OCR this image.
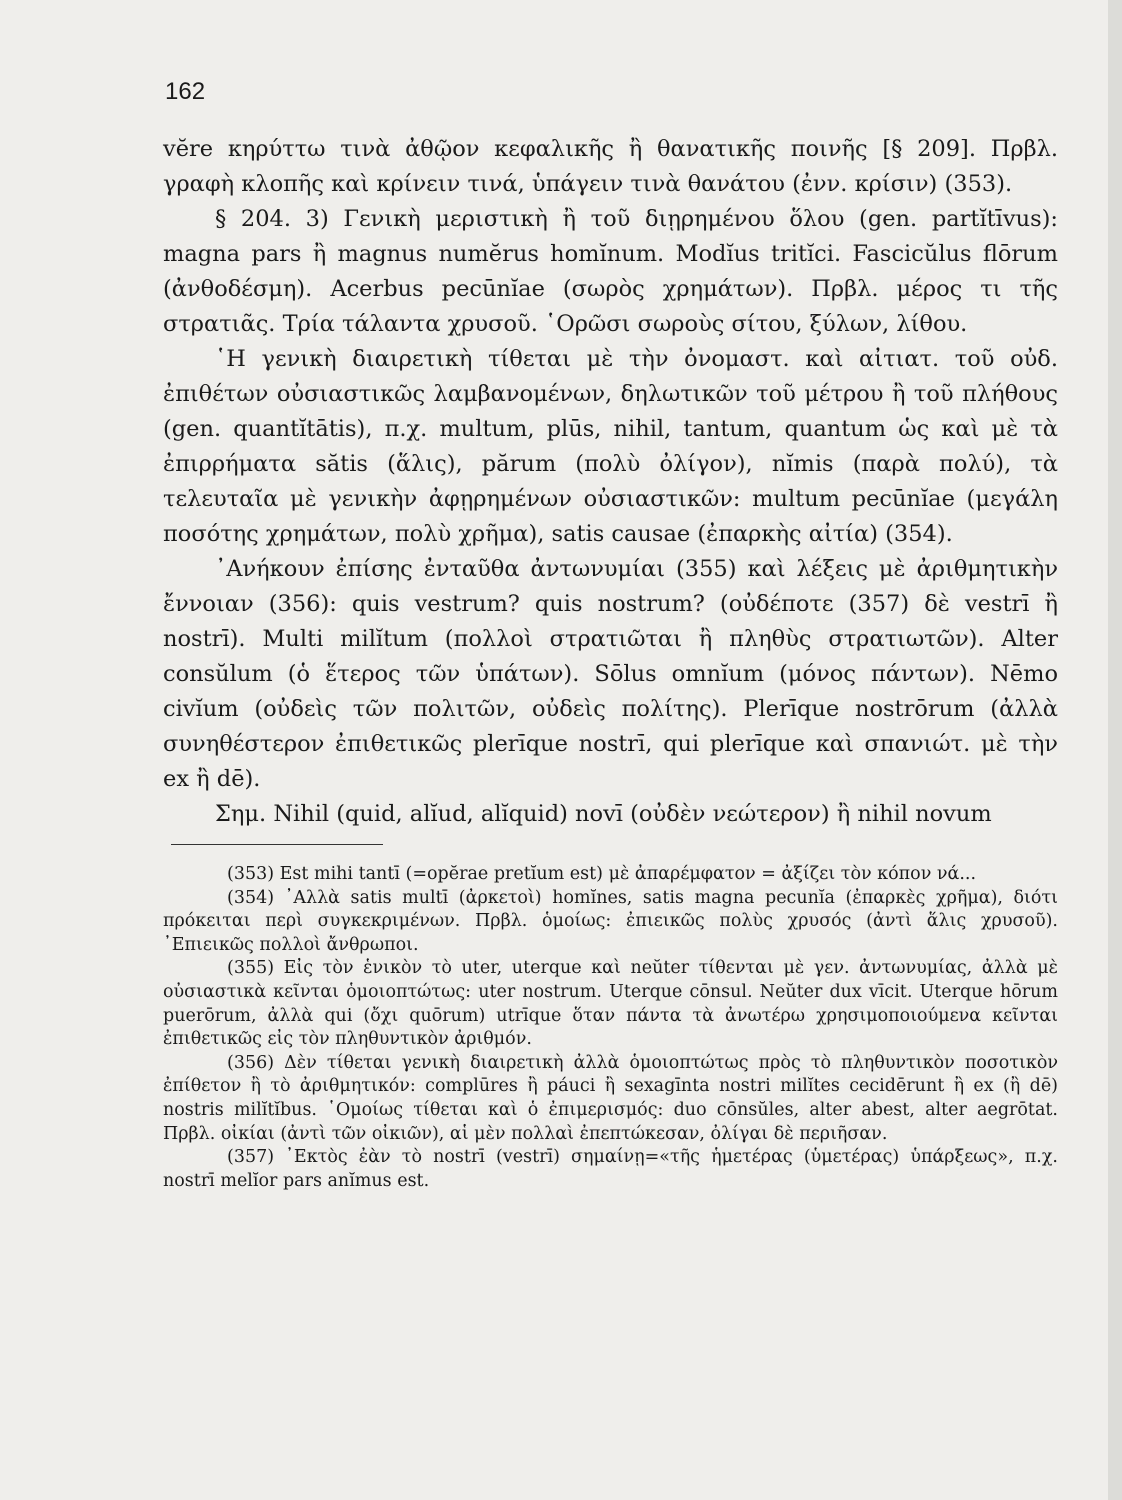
162

vĕre κηρύττω τινὰ ἀθῷον κεφαλικῆς ἢ θανατικῆς ποινῆς [§ 209]. Πρβλ. γραφὴ κλοπῆς καὶ κρίνειν τινά, ὑπάγειν τινὰ θανάτου (ἐνν. κρίσιν) (353).

§ 204. 3) Γενικὴ μεριστικὴ ἢ τοῦ διῃρημένου ὅλου (gen. partĭtīvus): magna pars ἢ magnus numĕrus homĭnum. Modĭus tritĭci. Fascicŭlus flōrum (ἀνθοδέσμη). Acerbus pecūnĭae (σωρὸς χρημάτων). Πρβλ. μέρος τι τῆς στρατιᾶς. Τρία τάλαντα χρυσοῦ. ῾Ορῶσι σωροὺς σίτου, ξύλων, λίθου.

῾Η γενικὴ διαιρετικὴ τίθεται μὲ τὴν ὀνομαστ. καὶ αἰτιατ. τοῦ οὐδ. ἐπιθέτων οὐσιαστικῶς λαμβανομένων, δηλωτικῶν τοῦ μέτρου ἢ τοῦ πλήθους (gen. quantĭtātis), π.χ. multum, plūs, nihil, tantum, quantum ὡς καὶ μὲ τὰ ἐπιρρήματα sătis (ἅλις), părum (πολὺ ὀλίγον), nĭmis (παρὰ πολύ), τὰ τελευταῖα μὲ γενικὴν ἀφῃρημένων οὐσιαστικῶν: multum pecūnĭae (μεγάλη ποσότης χρημάτων, πολὺ χρῆμα), satis causae (ἐπαρκὴς αἰτία) (354).

᾿Ανήκουν ἐπίσης ἐνταῦθα ἀντωνυμίαι (355) καὶ λέξεις μὲ ἀριθμητικὴν ἔννοιαν (356): quis vestrum? quis nostrum? (οὐδέποτε (357) δὲ vestrī ἢ nostrī). Multi milĭtum (πολλοὶ στρατιῶται ἢ πληθὺς στρατιωτῶν). Alter consŭlum (ὁ ἕτερος τῶν ὑπάτων). Sōlus omnĭum (μόνος πάντων). Nēmo civĭum (οὐδεὶς τῶν πολιτῶν, οὐδεὶς πολίτης). Plerīque nostrōrum (ἀλλὰ συνηθέστερον ἐπιθετικῶς plerīque nostrī, qui plerīque καὶ σπανιώτ. μὲ τὴν ex ἢ dē).

Σημ. Nihil (quid, alĭud, alĭquid) novī (οὐδὲν νεώτερον) ἢ nihil novum

(353) Est mihi tantī (=opĕrae pretĭum est) μὲ ἀπαρέμφατον = ἀξίζει τὸν κόπον νά...

(354) ᾿Αλλὰ satis multī (ἀρκετοὶ) homĭnes, satis magna pecunĭa (ἐπαρκὲς χρῆμα), διότι πρόκειται περὶ συγκεκριμένων. Πρβλ. ὁμοίως: ἐπιεικῶς πολὺς χρυσός (ἀντὶ ἅλις χρυσοῦ). ᾿Επιεικῶς πολλοὶ ἄνθρωποι.

(355) Εἰς τὸν ἑνικὸν τὸ uter, uterque καὶ neŭter τίθενται μὲ γεν. ἀντωνυμίας, ἀλλὰ μὲ οὐσιαστικὰ κεῖνται ὁμοιοπτώτως: uter nostrum. Uterque cōnsul. Neŭter dux vīcit. Uterque hōrum puerōrum, ἀλλὰ qui (ὄχι quōrum) utrīque ὅταν πάντα τὰ ἀνωτέρω χρησιμοποιούμενα κεῖνται ἐπιθετικῶς εἰς τὸν πληθυντικὸν ἀριθμόν.

(356) Δὲν τίθεται γενικὴ διαιρετικὴ ἀλλὰ ὁμοιοπτώτως πρὸς τὸ πληθυντικὸν ποσοτικὸν ἐπίθετον ἢ τὸ ἀριθμητικόν: complūres ἢ páuci ἢ sexagīnta nostri milĭtes cecidērunt ἢ ex (ἢ dē) nostris milĭtĭbus. ῾Ομοίως τίθεται καὶ ὁ ἐπιμερισμός: duo cōnsŭles, alter abest, alter aegrōtat. Πρβλ. οἰκίαι (ἀντὶ τῶν οἰκιῶν), αἱ μὲν πολλαὶ ἐπεπτώκεσαν, ὀλίγαι δὲ περιῆσαν.

(357) ᾿Εκτὸς ἐὰν τὸ nostrī (vestrī) σημαίνῃ=«τῆς ἡμετέρας (ὑμετέρας) ὑπάρξεως», π.χ. nostrī melĭor pars anĭmus est.
